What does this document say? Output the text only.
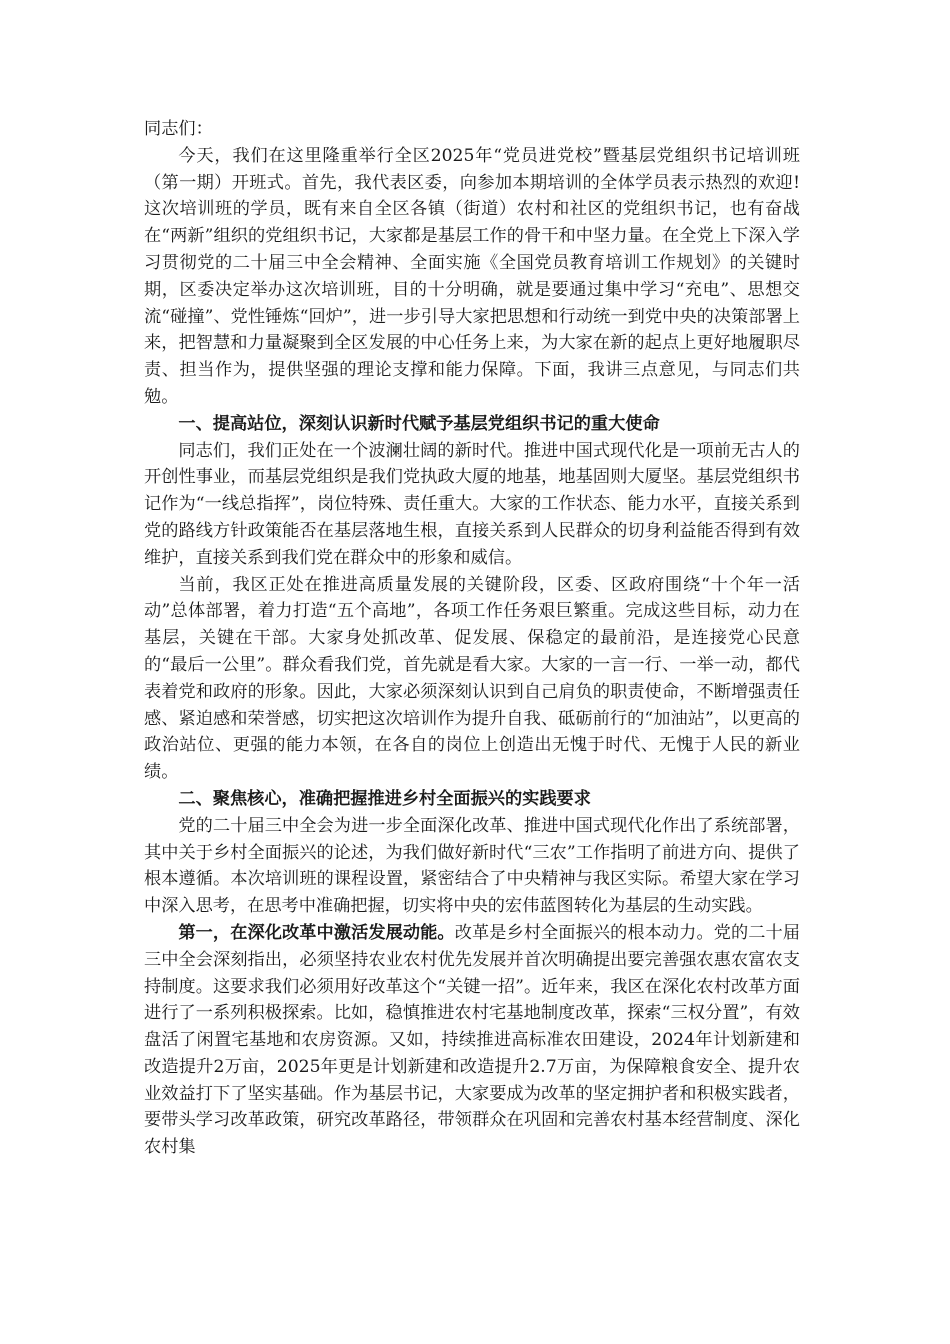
同志们：

今天，我们在这里隆重举行全区2025年“党员进党校”暨基层党组织书记培训班（第一期）开班式。首先，我代表区委，向参加本期培训的全体学员表示热烈的欢迎!这次培训班的学员，既有来自全区各镇（街道）农村和社区的党组织书记，也有奋战在“两新”组织的党组织书记，大家都是基层工作的骨干和中坚力量。在全党上下深入学习贯彻党的二十届三中全会精神、全面实施《全国党员教育培训工作规划》的关键时期，区委决定举办这次培训班，目的十分明确，就是要通过集中学习“充电”、思想交流“碰撞”、党性锤炼“回炉”，进一步引导大家把思想和行动统一到党中央的决策部署上来，把智慧和力量凝聚到全区发展的中心任务上来，为大家在新的起点上更好地履职尽责、担当作为，提供坚强的理论支撑和能力保障。下面，我讲三点意见，与同志们共勉。

一、提高站位，深刻认识新时代赋予基层党组织书记的重大使命

同志们，我们正处在一个波澜壮阔的新时代。推进中国式现代化是一项前无古人的开创性事业，而基层党组织是我们党执政大厦的地基，地基固则大厦坚。基层党组织书记作为“一线总指挥”，岗位特殊、责任重大。大家的工作状态、能力水平，直接关系到党的路线方针政策能否在基层落地生根，直接关系到人民群众的切身利益能否得到有效维护，直接关系到我们党在群众中的形象和威信。

当前，我区正处在推进高质量发展的关键阶段，区委、区政府围绕“十个年一活动”总体部署，着力打造“五个高地”，各项工作任务艰巨繁重。完成这些目标，动力在基层，关键在干部。大家身处抓改革、促发展、保稳定的最前沿，是连接党心民意的“最后一公里”。群众看我们党，首先就是看大家。大家的一言一行、一举一动，都代表着党和政府的形象。因此，大家必须深刻认识到自己肩负的职责使命，不断增强责任感、紧迫感和荣誉感，切实把这次培训作为提升自我、砥砺前行的“加油站”，以更高的政治站位、更强的能力本领，在各自的岗位上创造出无愧于时代、无愧于人民的新业绩。

二、聚焦核心，准确把握推进乡村全面振兴的实践要求

党的二十届三中全会为进一步全面深化改革、推进中国式现代化作出了系统部署，其中关于乡村全面振兴的论述，为我们做好新时代“三农”工作指明了前进方向、提供了根本遵循。本次培训班的课程设置，紧密结合了中央精神与我区实际。希望大家在学习中深入思考，在思考中准确把握，切实将中央的宏伟蓝图转化为基层的生动实践。

第一，在深化改革中激活发展动能。改革是乡村全面振兴的根本动力。党的二十届三中全会深刻指出，必须坚持农业农村优先发展并首次明确提出要完善强农惠农富农支持制度。这要求我们必须用好改革这个“关键一招”。近年来，我区在深化农村改革方面进行了一系列积极探索。比如，稳慎推进农村宅基地制度改革，探索“三权分置”，有效盘活了闲置宅基地和农房资源。又如，持续推进高标准农田建设，2024年计划新建和改造提升2万亩，2025年更是计划新建和改造提升2.7万亩，为保障粮食安全、提升农业效益打下了坚实基础。作为基层书记，大家要成为改革的坚定拥护者和积极实践者，要带头学习改革政策，研究改革路径，带领群众在巩固和完善农村基本经营制度、深化农村集
